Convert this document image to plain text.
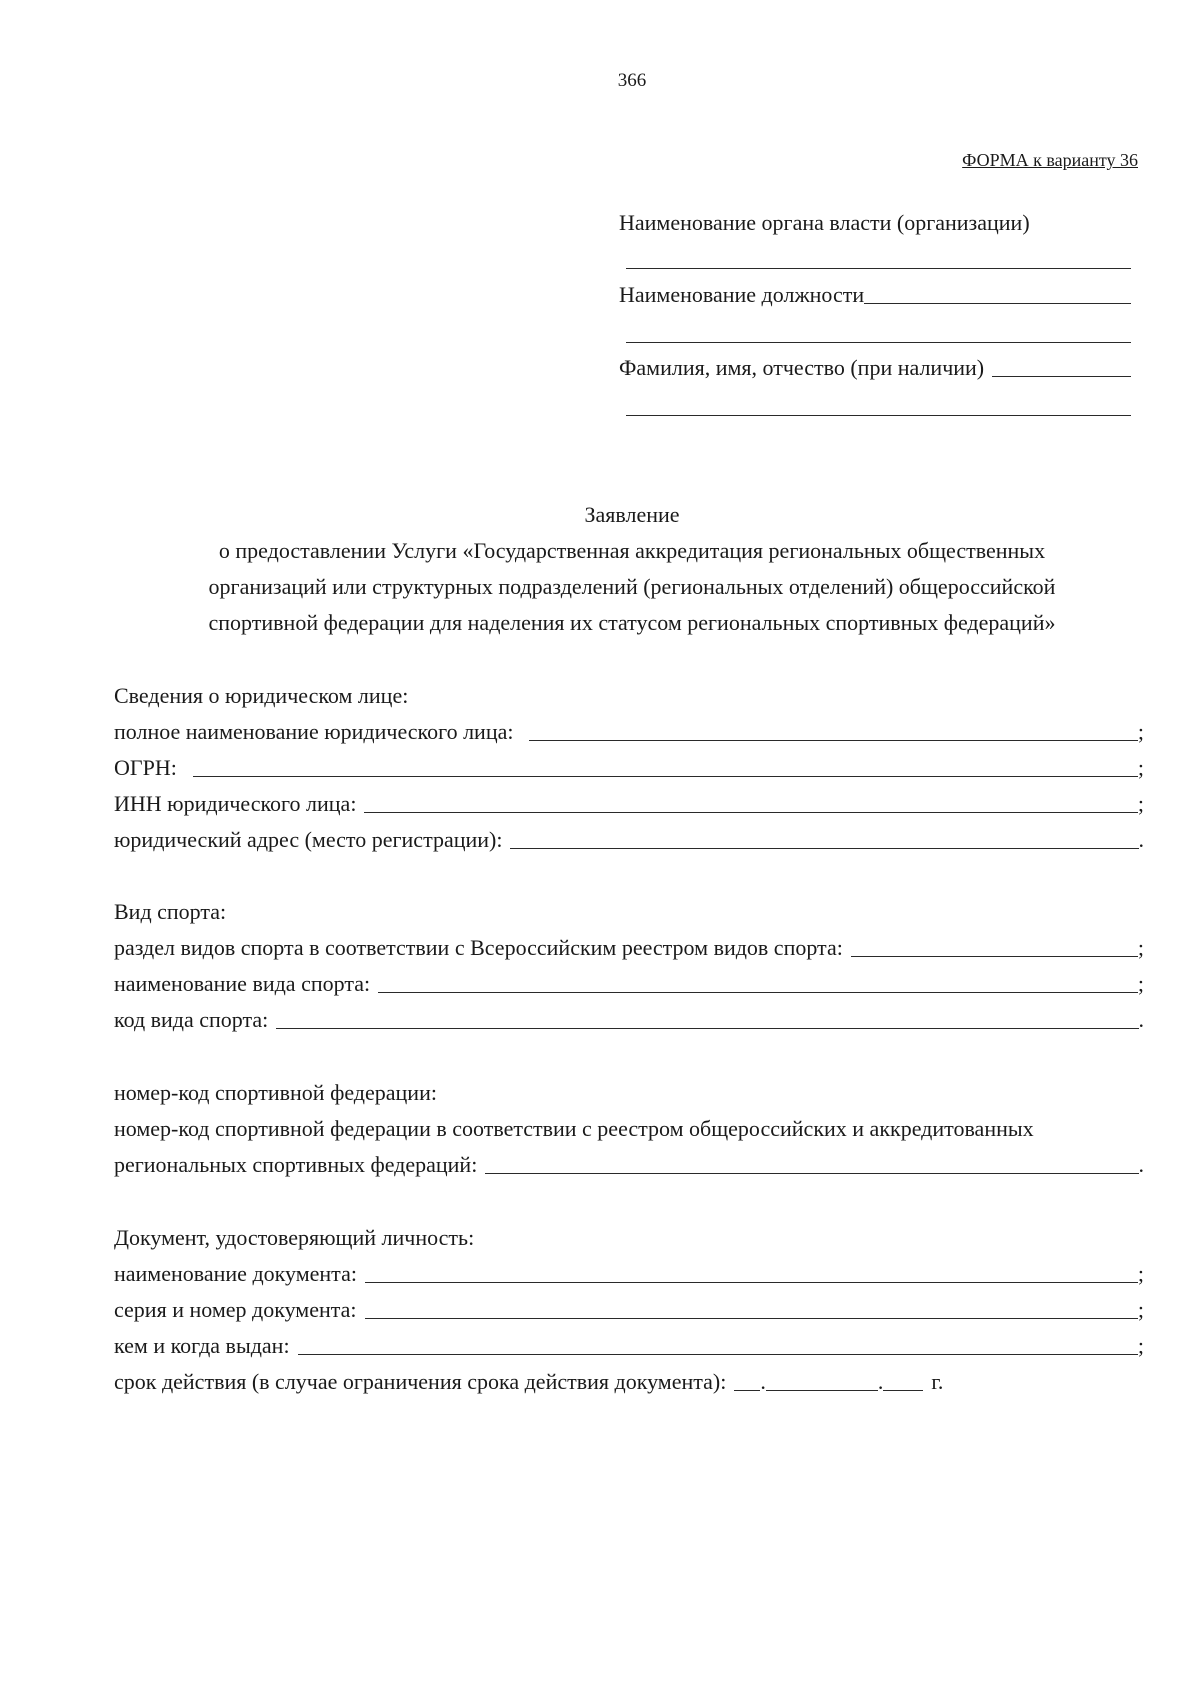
366
ФОРМА к варианту 36
Наименование органа власти (организации)
Наименование должности
Фамилия, имя, отчество (при наличии)
Заявление
о предоставлении Услуги «Государственная аккредитация региональных общественных
организаций или структурных подразделений (региональных отделений) общероссийской
спортивной федерации для наделения их статусом региональных спортивных федераций»
Сведения о юридическом лице:
полное наименование юридического лица:	;
ОГРН:	;
ИНН юридического лица:	;
юридический адрес (место регистрации):	.
Вид спорта:
раздел видов спорта в соответствии с Всероссийским реестром видов спорта:	;
наименование вида спорта:	;
код вида спорта:	.
номер-код спортивной федерации:
номер-код спортивной федерации в соответствии с реестром общероссийских и аккредитованных
региональных спортивных федераций:	.
Документ, удостоверяющий личность:
наименование документа:	;
серия и номер документа:	;
кем и когда выдан:	;
срок действия (в случае ограничения срока действия документа): .	. г.
